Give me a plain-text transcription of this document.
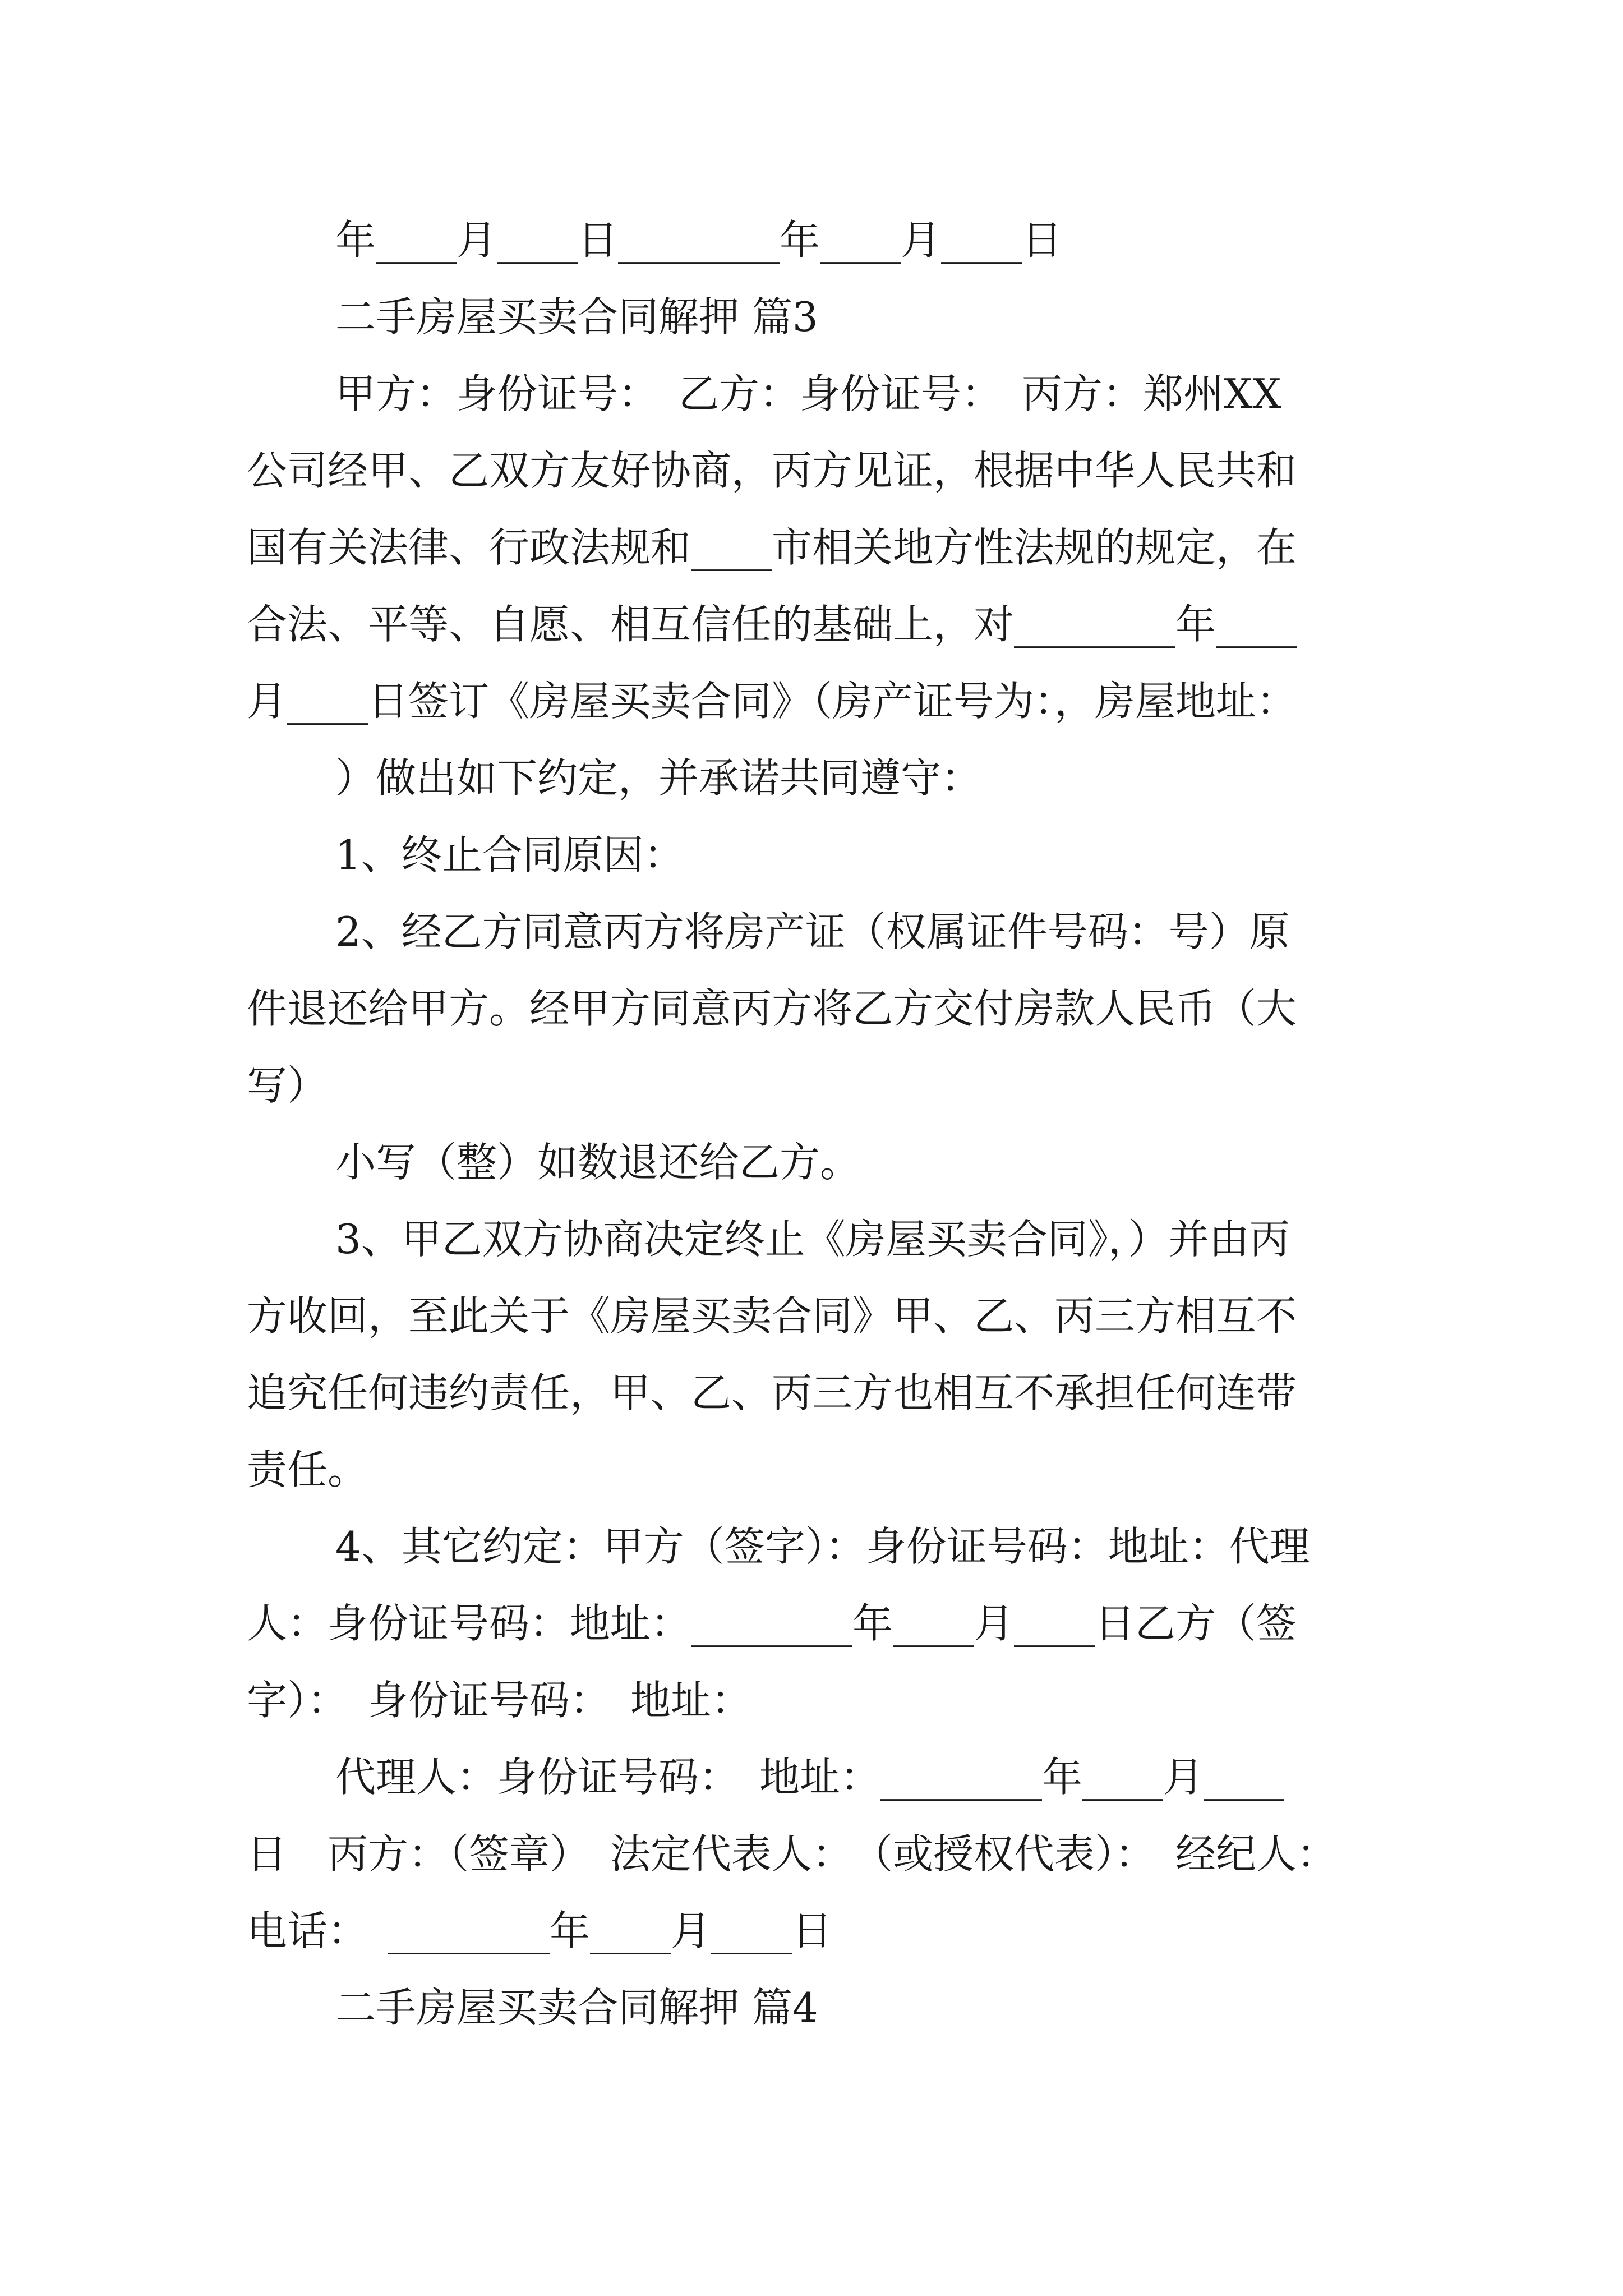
年____月____日________年____月____日
二手房屋买卖合同解押 篇3
甲方：身份证号：　乙方：身份证号：　丙方：郑州XX
公司经甲、乙双方友好协商，丙方见证，根据中华人民共和
国有关法律、行政法规和____市相关地方性法规的规定，在
合法、平等、自愿、相互信任的基础上，对________年____
月____日签订《房屋买卖合同》（房产证号为：，房屋地址：
）做出如下约定，并承诺共同遵守：
1、终止合同原因：
2、经乙方同意丙方将房产证（权属证件号码：号）原
件退还给甲方。经甲方同意丙方将乙方交付房款人民币（大
写）
小写（整）如数退还给乙方。
3、甲乙双方协商决定终止《房屋买卖合同》，）并由丙
方收回，至此关于《房屋买卖合同》甲、乙、丙三方相互不
追究任何违约责任，甲、乙、丙三方也相互不承担任何连带
责任。
4、其它约定：甲方（签字）：身份证号码：地址：代理
人：身份证号码：地址：________年____月____日乙方（签
字）：　身份证号码：　地址：
代理人：身份证号码：　地址：________年____月____
日　丙方：（签章）　法定代表人：　（或授权代表）：　经纪人：
电话：　________年____月____日
二手房屋买卖合同解押 篇4
